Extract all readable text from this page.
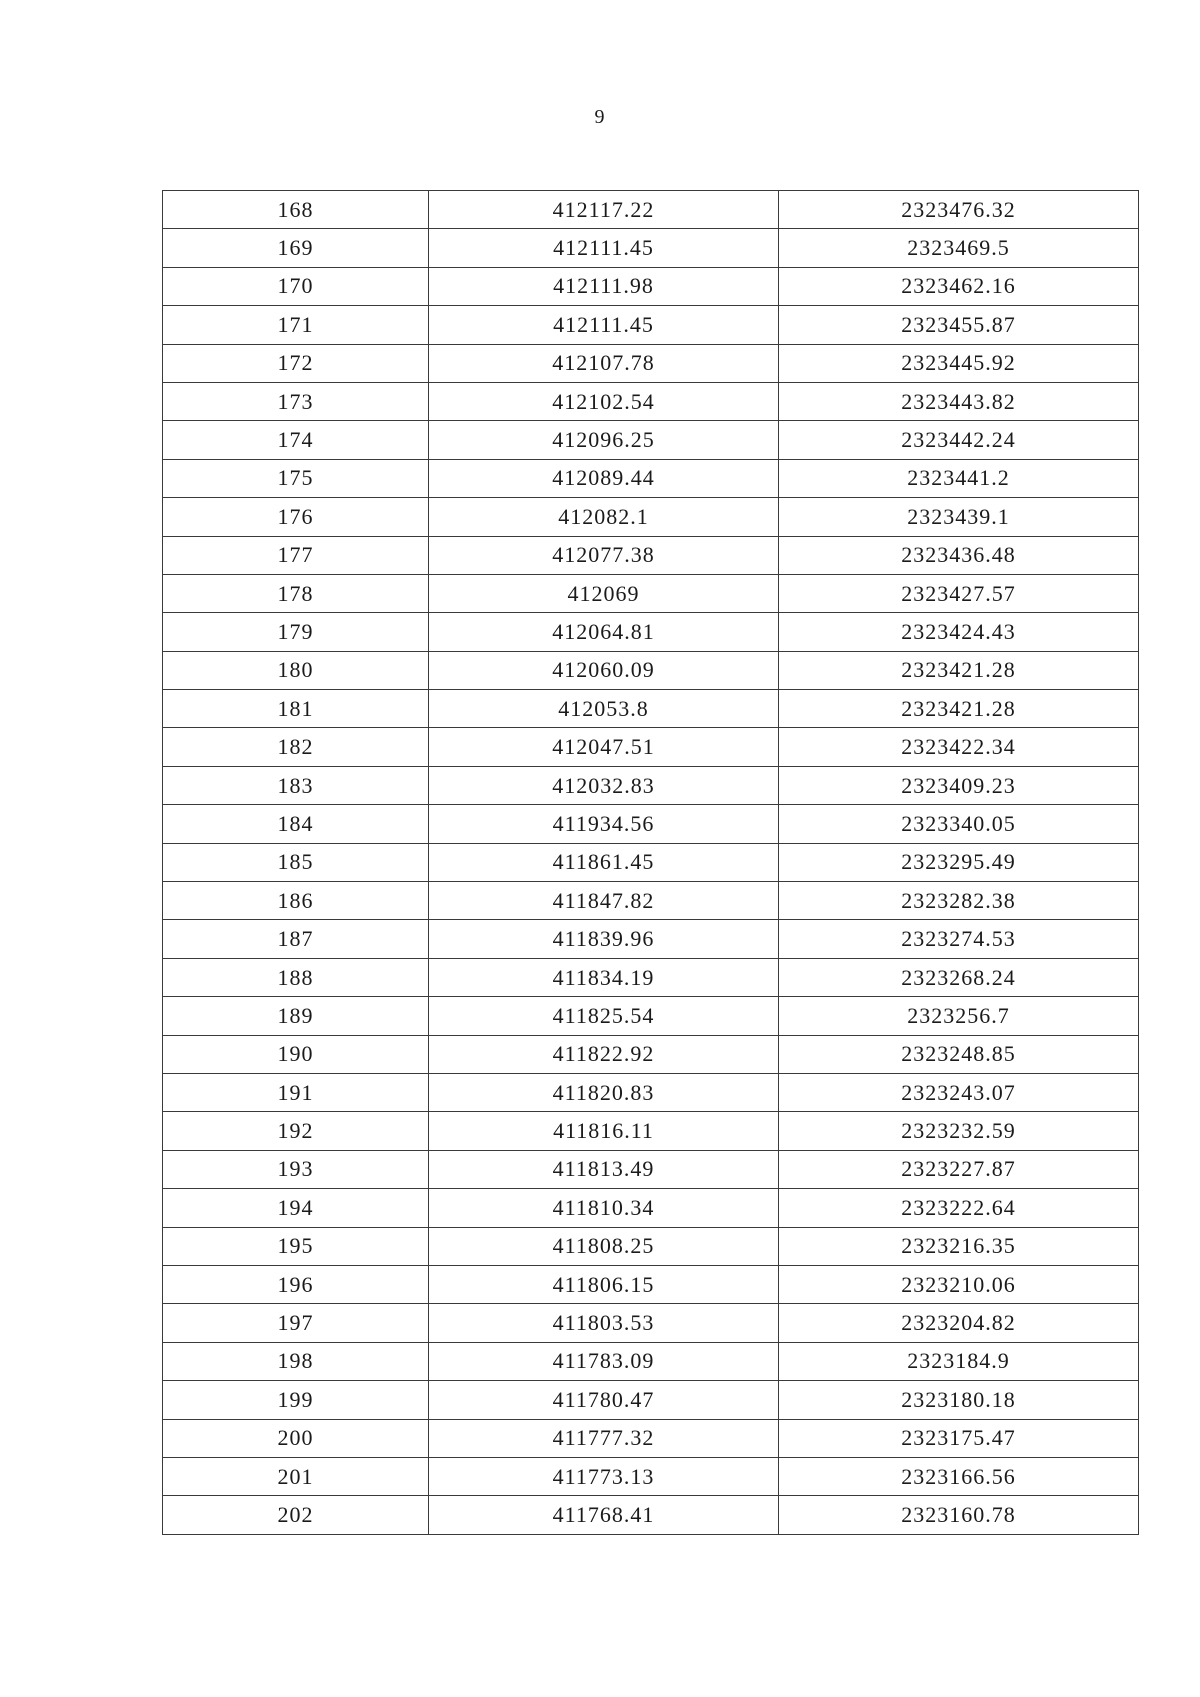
9
168	412117.22	2323476.32
169	412111.45	2323469.5
170	412111.98	2323462.16
171	412111.45	2323455.87
172	412107.78	2323445.92
173	412102.54	2323443.82
174	412096.25	2323442.24
175	412089.44	2323441.2
176	412082.1	2323439.1
177	412077.38	2323436.48
178	412069	2323427.57
179	412064.81	2323424.43
180	412060.09	2323421.28
181	412053.8	2323421.28
182	412047.51	2323422.34
183	412032.83	2323409.23
184	411934.56	2323340.05
185	411861.45	2323295.49
186	411847.82	2323282.38
187	411839.96	2323274.53
188	411834.19	2323268.24
189	411825.54	2323256.7
190	411822.92	2323248.85
191	411820.83	2323243.07
192	411816.11	2323232.59
193	411813.49	2323227.87
194	411810.34	2323222.64
195	411808.25	2323216.35
196	411806.15	2323210.06
197	411803.53	2323204.82
198	411783.09	2323184.9
199	411780.47	2323180.18
200	411777.32	2323175.47
201	411773.13	2323166.56
202	411768.41	2323160.78
